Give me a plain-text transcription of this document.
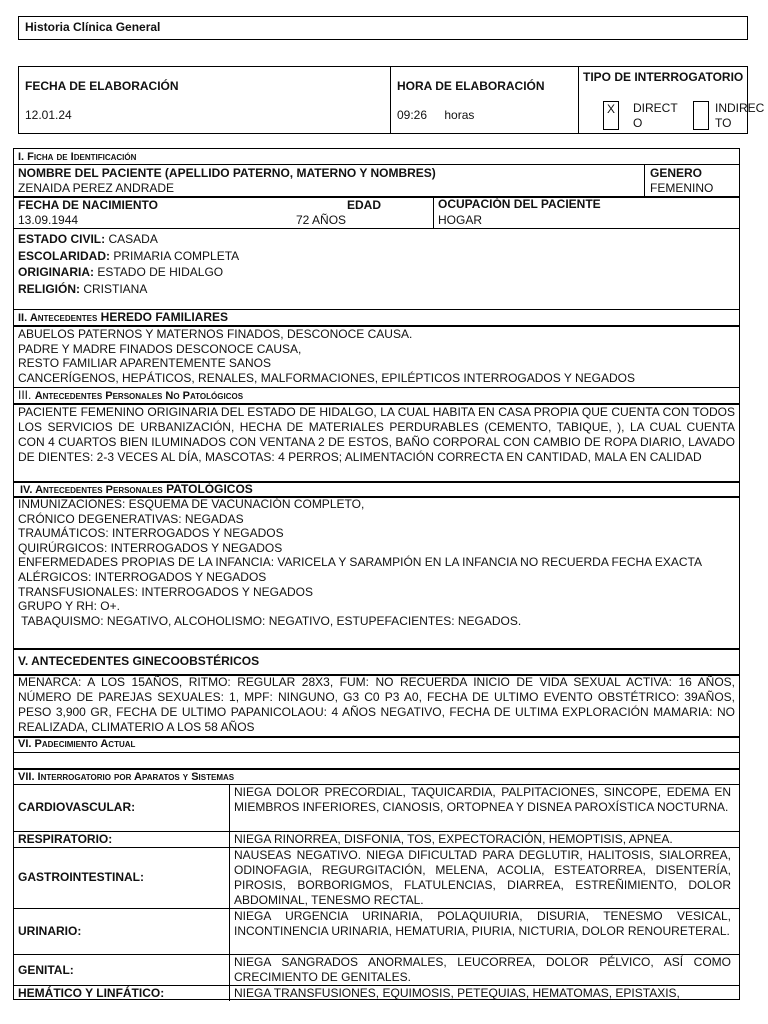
Historia Clínica General
FECHA DE ELABORACIÓN
12.01.24
HORA DE ELABORACIÓN
09:26 horas
TIPO DE INTERROGATORIO
X	DIRECT O
INDIREC TO
I. Ficha de Identificación
NOMBRE DEL PACIENTE (APELLIDO PATERNO, MATERNO Y NOMBRES)
ZENAIDA PEREZ ANDRADE
GENERO
FEMENINO
FECHA DE NACIMIENTO
13.09.1944
EDAD
72 AÑOS
OCUPACIÓN DEL PACIENTE
HOGAR
ESTADO CIVIL: CASADA
ESCOLARIDAD: PRIMARIA COMPLETA
ORIGINARIA: ESTADO DE HIDALGO
RELIGIÓN: CRISTIANA
II. Antecedentes HEREDO FAMILIARES
ABUELOS PATERNOS Y MATERNOS FINADOS, DESCONOCE CAUSA.
PADRE Y MADRE FINADOS DESCONOCE CAUSA,
RESTO FAMILIAR APARENTEMENTE SANOS
CANCERÍGENOS, HEPÁTICOS, RENALES, MALFORMACIONES, EPILÉPTICOS INTERROGADOS Y NEGADOS
III. Antecedentes Personales No Patológicos
PACIENTE FEMENINO ORIGINARIA DEL ESTADO DE HIDALGO, LA CUAL HABITA EN CASA PROPIA QUE CUENTA CON TODOS LOS SERVICIOS DE URBANIZACIÓN, HECHA DE MATERIALES PERDURABLES (CEMENTO, TABIQUE, ), LA CUAL CUENTA CON 4 CUARTOS BIEN ILUMINADOS CON VENTANA 2 DE ESTOS, BAÑO CORPORAL CON CAMBIO DE ROPA DIARIO, LAVADO DE DIENTES: 2-3 VECES AL DÍA, MASCOTAS: 4 PERROS; ALIMENTACIÓN CORRECTA EN CANTIDAD, MALA EN CALIDAD
IV. Antecedentes Personales PATOLÓGICOS
INMUNIZACIONES: ESQUEMA DE VACUNACIÓN COMPLETO,
CRÓNICO DEGENERATIVAS: NEGADAS
TRAUMÁTICOS: INTERROGADOS Y NEGADOS
QUIRÚRGICOS: INTERROGADOS Y NEGADOS
ENFERMEDADES PROPIAS DE LA INFANCIA: VARICELA Y SARAMPIÓN EN LA INFANCIA NO RECUERDA FECHA EXACTA
ALÉRGICOS: INTERROGADOS Y NEGADOS
TRANSFUSIONALES: INTERROGADOS Y NEGADOS
GRUPO Y RH: O+.
TABAQUISMO: NEGATIVO, ALCOHOLISMO: NEGATIVO, ESTUPEFACIENTES: NEGADOS.
V. ANTECEDENTES GINECOOBSTÉRICOS
MENARCA: A LOS 15AÑOS, RITMO: REGULAR 28X3, FUM: NO RECUERDA INICIO DE VIDA SEXUAL ACTIVA: 16 AÑOS, NÚMERO DE PAREJAS SEXUALES: 1, MPF: NINGUNO, G3 C0 P3 A0, FECHA DE ULTIMO EVENTO OBSTÉTRICO: 39AÑOS, PESO 3,900 GR, FECHA DE ULTIMO PAPANICOLAOU: 4 AÑOS NEGATIVO, FECHA DE ULTIMA EXPLORACIÓN MAMARIA: NO REALIZADA, CLIMATERIO A LOS 58 AÑOS
VI. Padecimiento Actual
VII. Interrogatorio por Aparatos y Sistemas
CARDIOVASCULAR:
NIEGA DOLOR PRECORDIAL, TAQUICARDIA, PALPITACIONES, SINCOPE, EDEMA EN MIEMBROS INFERIORES, CIANOSIS, ORTOPNEA Y DISNEA PAROXÍSTICA NOCTURNA.
RESPIRATORIO:	NIEGA RINORREA, DISFONIA, TOS, EXPECTORACIÓN, HEMOPTISIS, APNEA.
GASTROINTESTINAL:
NAUSEAS NEGATIVO. NIEGA DIFICULTAD PARA DEGLUTIR, HALITOSIS, SIALORREA, ODINOFAGIA, REGURGITACIÓN, MELENA, ACOLIA, ESTEATORREA, DISENTERÍA, PIROSIS, BORBORIGMOS, FLATULENCIAS, DIARREA, ESTREÑIMIENTO, DOLOR ABDOMINAL, TENESMO RECTAL.
URINARIO:
NIEGA URGENCIA URINARIA, POLAQUIURIA, DISURIA, TENESMO VESICAL, INCONTINENCIA URINARIA, HEMATURIA, PIURIA, NICTURIA, DOLOR RENOURETERAL.
GENITAL:
NIEGA SANGRADOS ANORMALES, LEUCORREA, DOLOR PÉLVICO, ASÍ COMO CRECIMIENTO DE GENITALES.
HEMÁTICO Y LINFÁTICO:	NIEGA TRANSFUSIONES, EQUIMOSIS, PETEQUIAS, HEMATOMAS, EPISTAXIS,
